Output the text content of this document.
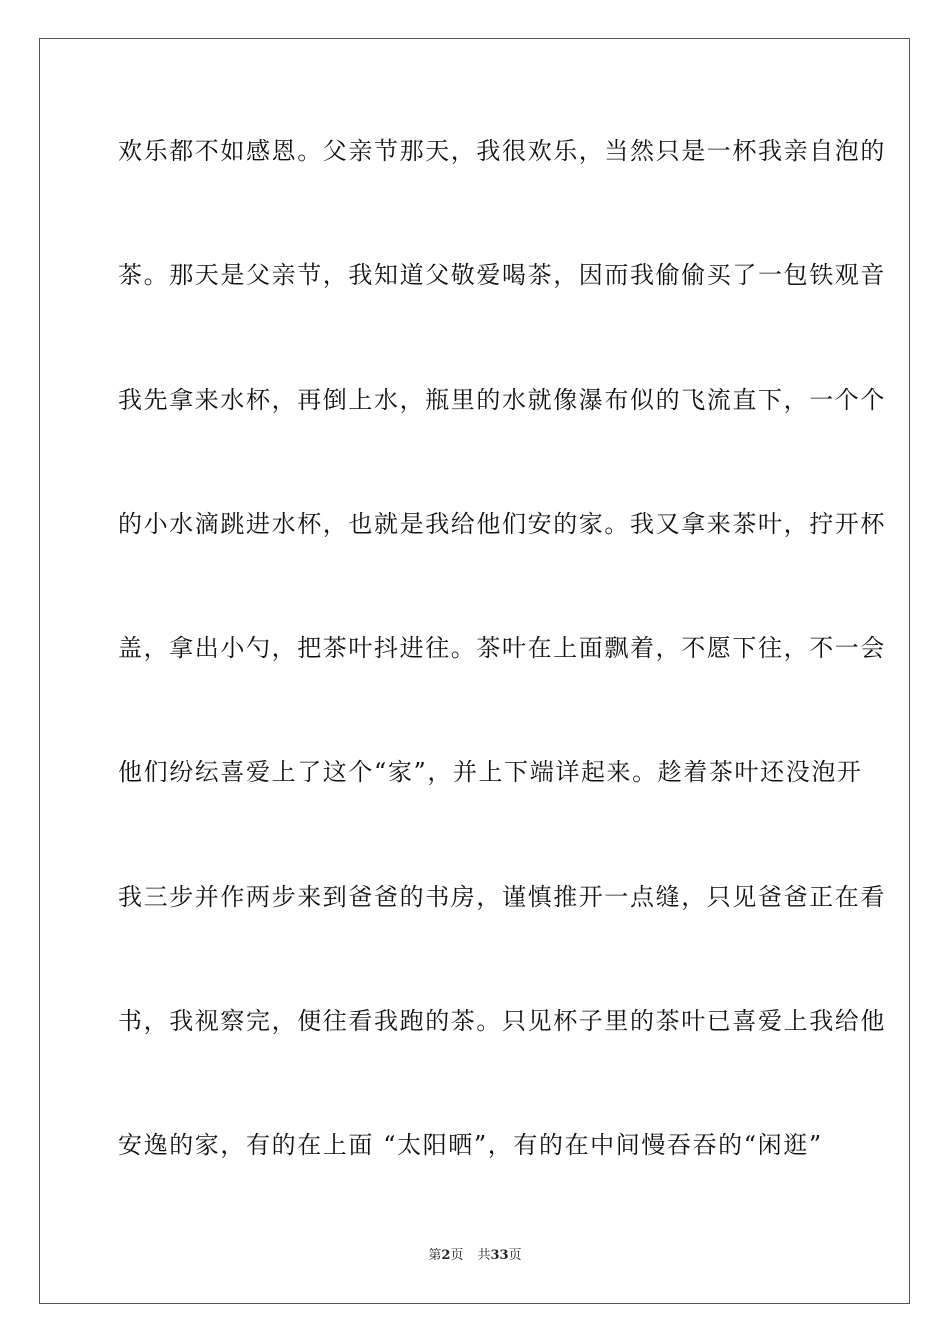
欢乐都不如感恩。父亲节那天，我很欢乐，当然只是一杯我亲自泡的
茶。那天是父亲节，我知道父敬爱喝茶，因而我偷偷买了一包铁观音
我先拿来水杯，再倒上水，瓶里的水就像瀑布似的飞流直下，一个个
的小水滴跳进水杯，也就是我给他们安的家。我又拿来茶叶，拧开杯
盖，拿出小勺，把茶叶抖进往。茶叶在上面飘着，不愿下往，不一会
他们纷纭喜爱上了这个“家”，并上下端详起来。趁着茶叶还没泡开
我三步并作两步来到爸爸的书房，谨慎推开一点缝，只见爸爸正在看
书，我视察完，便往看我跑的茶。只见杯子里的茶叶已喜爱上我给他
安逸的家，有的在上面 “太阳晒”，有的在中间慢吞吞的“闲逛”
第2页 共33页
